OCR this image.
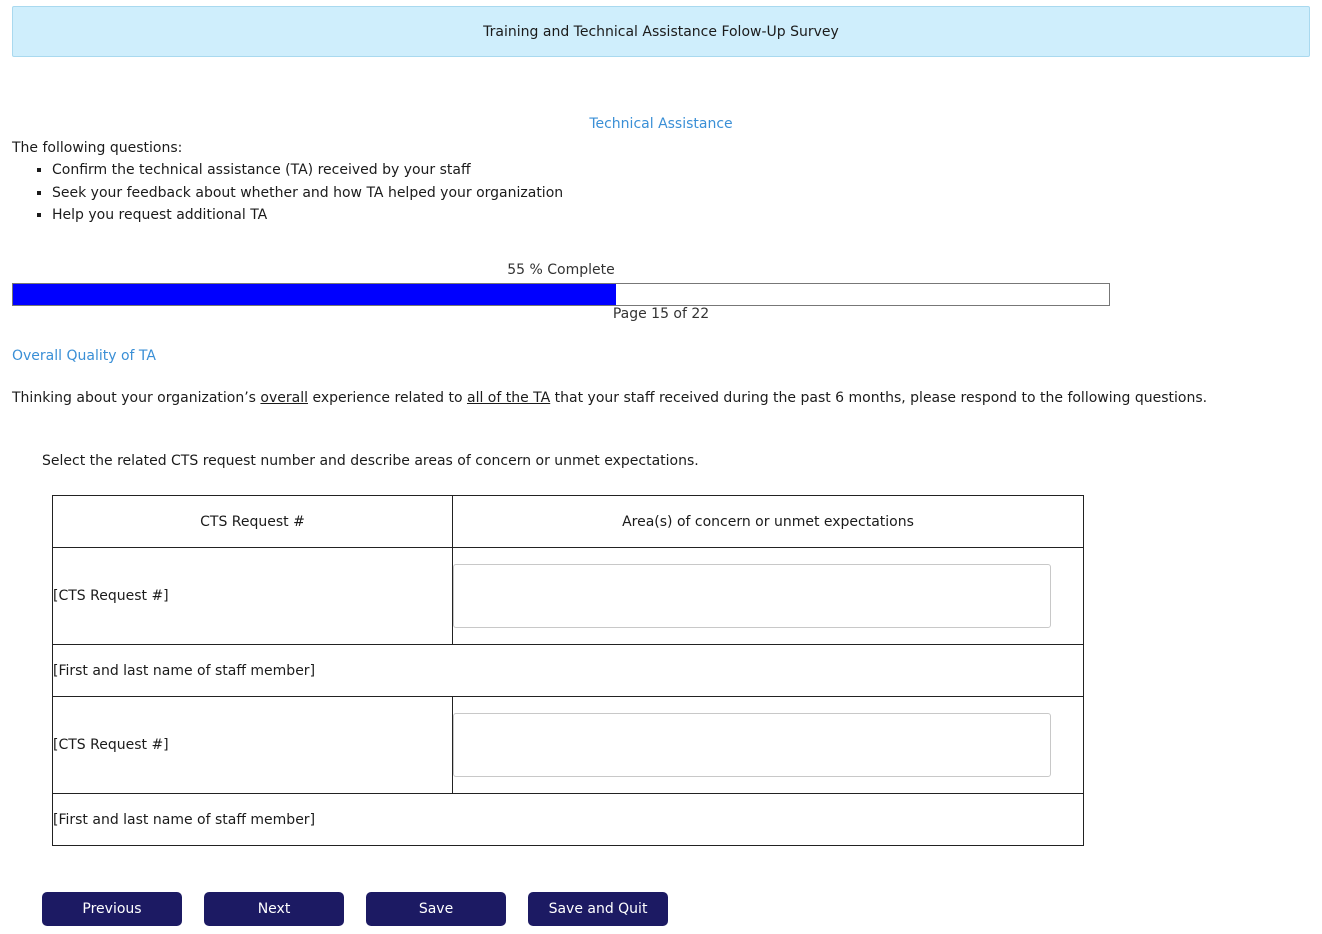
Training and Technical Assistance Folow-Up Survey
Technical Assistance
The following questions:
▪ Confirm the technical assistance (TA) received by your staff
▪ Seek your feedback about whether and how TA helped your organization
▪ Help you request additional TA
55 % Complete
Page 15 of 22
Overall Quality of TA
Thinking about your organization’s overall experience related to all of the TA that your staff received during the past 6 months, please respond to the following questions.
Select the related CTS request number and describe areas of concern or unmet expectations.
CTS Request #	Area(s) of concern or unmet expectations
[CTS Request #]	

[First and last name of staff member]	
[CTS Request #]	

[First and last name of staff member]	
Previous	Next	Save	Save and Quit
